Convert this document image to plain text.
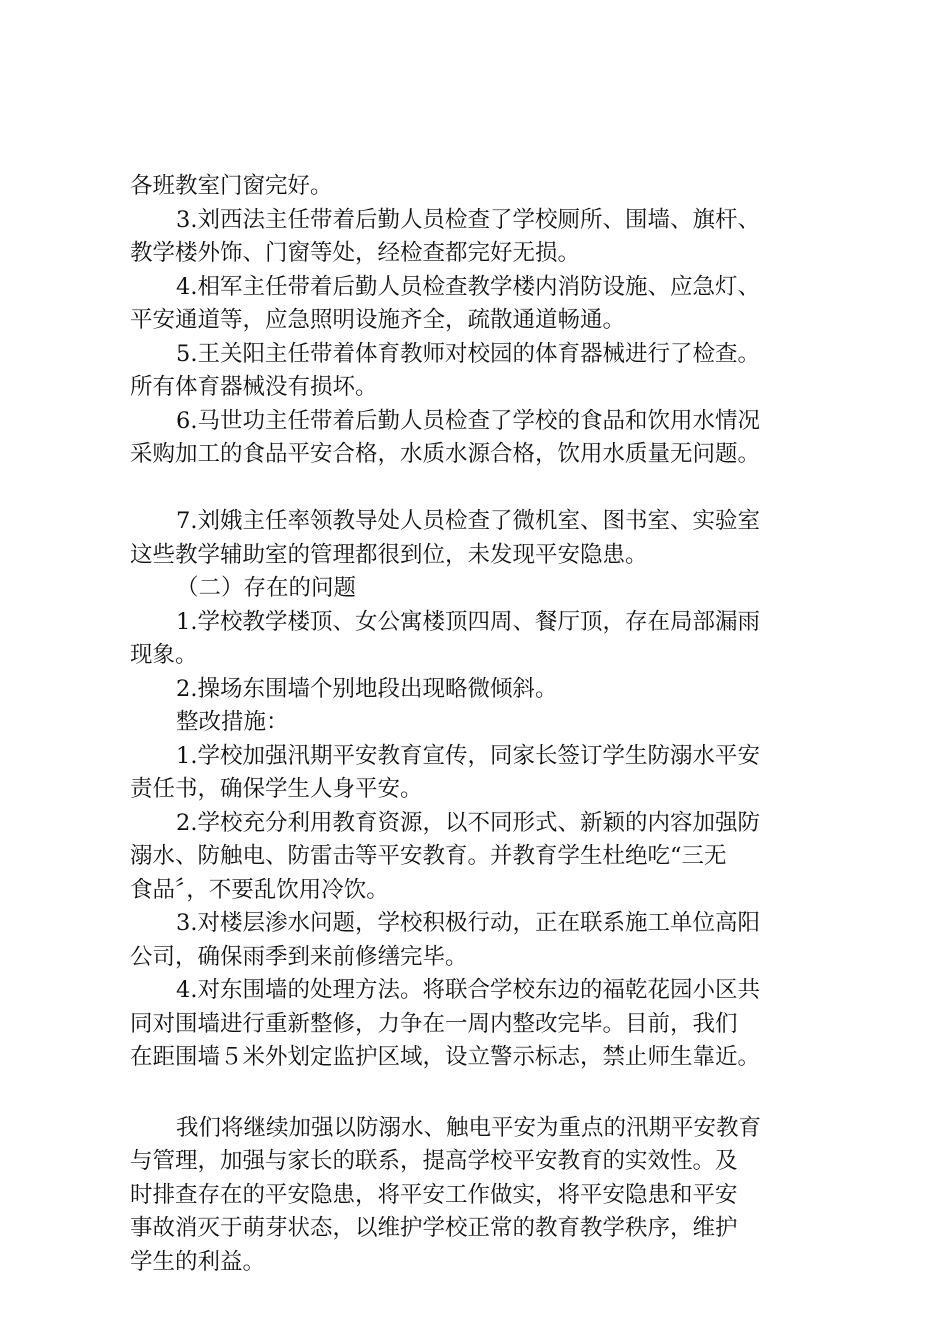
各班教室门窗完好。

3.刘西法主任带着后勤人员检查了学校厕所、围墙、旗杆、

教学楼外饰、门窗等处，经检查都完好无损。

4.相军主任带着后勤人员检查教学楼内消防设施、应急灯、

平安通道等，应急照明设施齐全，疏散通道畅通。

5.王关阳主任带着体育教师对校园的体育器械进行了检查。

所有体育器械没有损坏。

6.马世功主任带着后勤人员检查了学校的食品和饮用水情况

采购加工的食品平安合格，水质水源合格，饮用水质量无问题。

7.刘娥主任率领教导处人员检查了微机室、图书室、实验室

这些教学辅助室的管理都很到位，未发现平安隐患。

（二）存在的问题

1.学校教学楼顶、女公寓楼顶四周、餐厅顶，存在局部漏雨

现象。

2.操场东围墙个别地段出现略微倾斜。

整改措施：

1.学校加强汛期平安教育宣传，同家长签订学生防溺水平安

责任书，确保学生人身平安。

2.学校充分利用教育资源，以不同形式、新颖的内容加强防

溺水、防触电、防雷击等平安教育。并教育学生杜绝吃“三无

食品〞，不要乱饮用冷饮。

3.对楼层渗水问题，学校积极行动，正在联系施工单位高阳

公司，确保雨季到来前修缮完毕。

4.对东围墙的处理方法。将联合学校东边的福乾花园小区共

同对围墙进行重新整修，力争在一周内整改完毕。目前，我们

在距围墙５米外划定监护区域，设立警示标志，禁止师生靠近。

我们将继续加强以防溺水、触电平安为重点的汛期平安教育

与管理，加强与家长的联系，提高学校平安教育的实效性。及

时排查存在的平安隐患，将平安工作做实，将平安隐患和平安

事故消灭于萌芽状态，以维护学校正常的教育教学秩序，维护

学生的利益。
